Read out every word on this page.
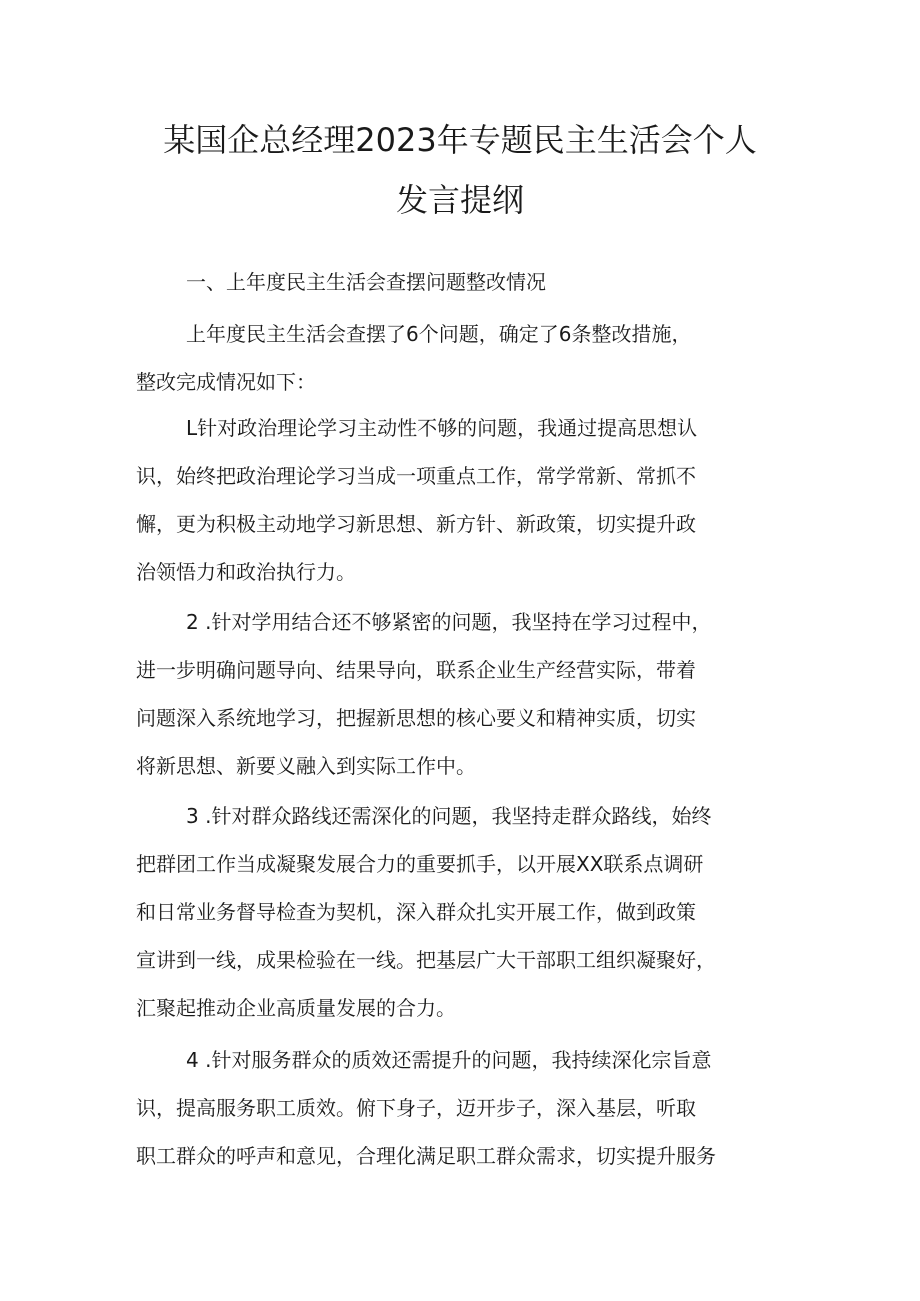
某国企总经理2023年专题民主生活会个人
发言提纲

一、上年度民主生活会查摆问题整改情况

上年度民主生活会查摆了6个问题，确定了6条整改措施，
整改完成情况如下：

L针对政治理论学习主动性不够的问题，我通过提高思想认
识，始终把政治理论学习当成一项重点工作，常学常新、常抓不
懈，更为积极主动地学习新思想、新方针、新政策，切实提升政
治领悟力和政治执行力。

2 .针对学用结合还不够紧密的问题，我坚持在学习过程中，
进一步明确问题导向、结果导向，联系企业生产经营实际，带着
问题深入系统地学习，把握新思想的核心要义和精神实质，切实
将新思想、新要义融入到实际工作中。

3 .针对群众路线还需深化的问题，我坚持走群众路线，始终
把群团工作当成凝聚发展合力的重要抓手，以开展XX联系点调研
和日常业务督导检查为契机，深入群众扎实开展工作，做到政策
宣讲到一线，成果检验在一线。把基层广大干部职工组织凝聚好，
汇聚起推动企业高质量发展的合力。

4 .针对服务群众的质效还需提升的问题，我持续深化宗旨意
识，提高服务职工质效。俯下身子，迈开步子，深入基层，听取
职工群众的呼声和意见，合理化满足职工群众需求，切实提升服务
